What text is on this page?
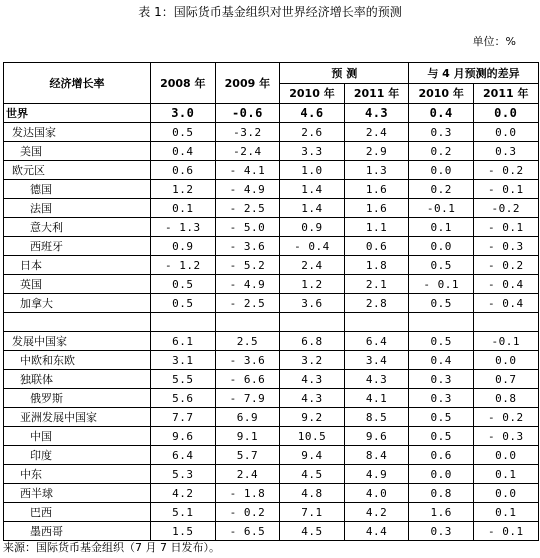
表 1：国际货币基金组织对世界经济增长率的预测
单位：%
经济增长率	2008 年	2009 年	预 测		与 4 月预测的差异	
			2010 年	2011 年	2010 年	2011 年
世界	3.0	-0.6	4.6	4.3	0.4	0.0
发达国家	0.5	-3.2	2.6	2.4	0.3	0.0
美国	0.4	-2.4	3.3	2.9	0.2	0.3
欧元区	0.6	- 4.1	1.0	1.3	0.0	- 0.2
德国	1.2	- 4.9	1.4	1.6	0.2	- 0.1
法国	0.1	- 2.5	1.4	1.6	-0.1	-0.2
意大利	- 1.3	- 5.0	0.9	1.1	0.1	- 0.1
西班牙	0.9	- 3.6	- 0.4	0.6	0.0	- 0.3
日本	- 1.2	- 5.2	2.4	1.8	0.5	- 0.2
英国	0.5	- 4.9	1.2	2.1	- 0.1	- 0.4
加拿大	0.5	- 2.5	3.6	2.8	0.5	- 0.4

发展中国家	6.1	2.5	6.8	6.4	0.5	-0.1
中欧和东欧	3.1	- 3.6	3.2	3.4	0.4	0.0
独联体	5.5	- 6.6	4.3	4.3	0.3	0.7
俄罗斯	5.6	- 7.9	4.3	4.1	0.3	0.8
亚洲发展中国家	7.7	6.9	9.2	8.5	0.5	- 0.2
中国	9.6	9.1	10.5	9.6	0.5	- 0.3
印度	6.4	5.7	9.4	8.4	0.6	0.0
中东	5.3	2.4	4.5	4.9	0.0	0.1
西半球	4.2	- 1.8	4.8	4.0	0.8	0.0
巴西	5.1	- 0.2	7.1	4.2	1.6	0.1
墨西哥	1.5	- 6.5	4.5	4.4	0.3	- 0.1
来源：国际货币基金组织（7 月 7 日发布）。
